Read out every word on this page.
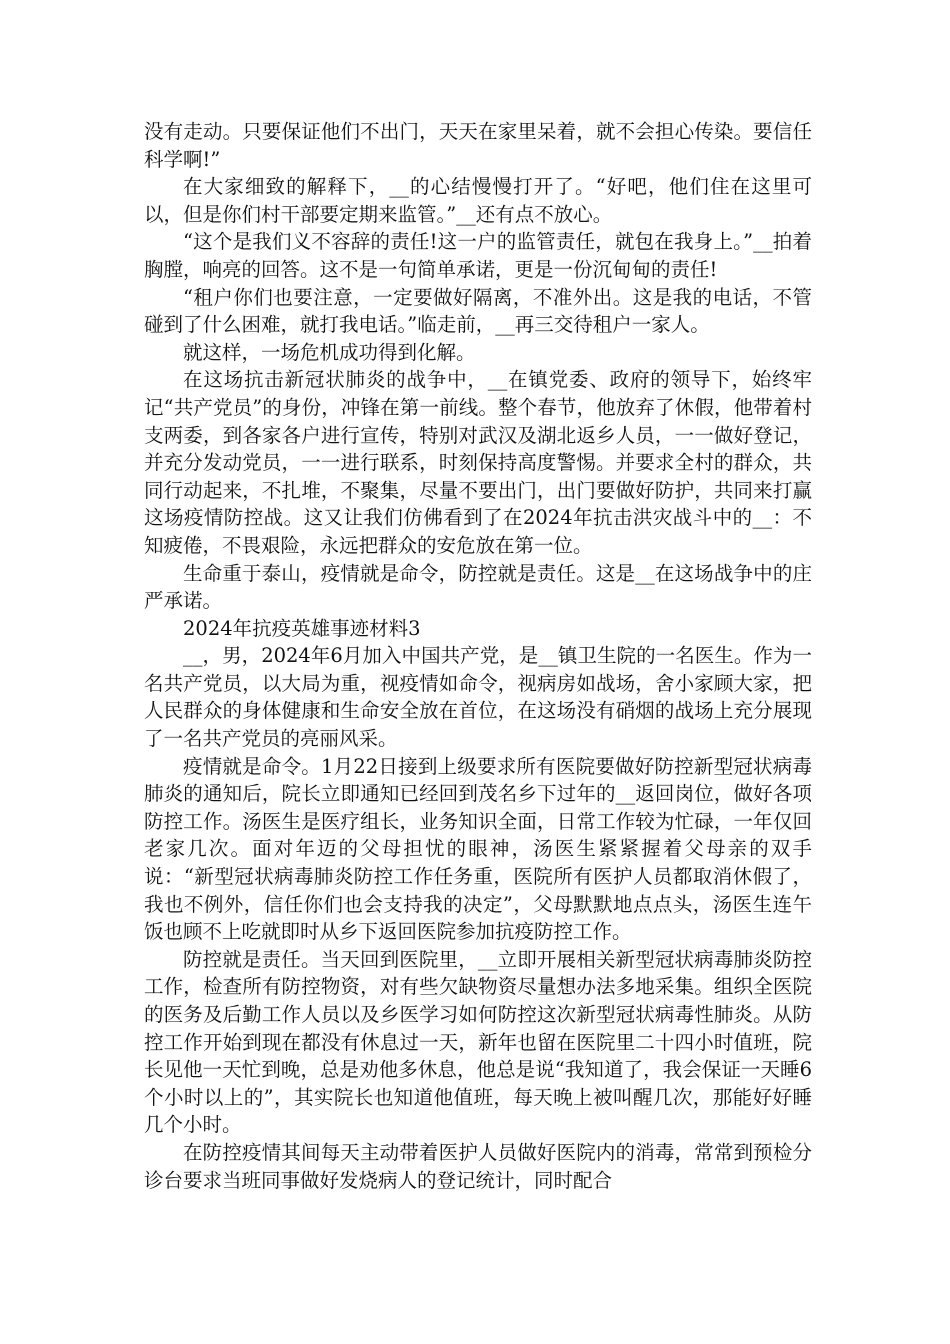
没有走动。只要保证他们不出门，天天在家里呆着，就不会担心传染。要信任科学啊!”

在大家细致的解释下，__的心结慢慢打开了。“好吧，他们住在这里可以，但是你们村干部要定期来监管。”__还有点不放心。

“这个是我们义不容辞的责任!这一户的监管责任，就包在我身上。”__拍着胸膛，响亮的回答。这不是一句简单承诺，更是一份沉甸甸的责任!

“租户你们也要注意，一定要做好隔离，不准外出。这是我的电话，不管碰到了什么困难，就打我电话。”临走前，__再三交待租户一家人。

就这样，一场危机成功得到化解。

在这场抗击新冠状肺炎的战争中，__在镇党委、政府的领导下，始终牢记“共产党员”的身份，冲锋在第一前线。整个春节，他放弃了休假，他带着村支两委，到各家各户进行宣传，特别对武汉及湖北返乡人员，一一做好登记，并充分发动党员，一一进行联系，时刻保持高度警惕。并要求全村的群众，共同行动起来，不扎堆，不聚集，尽量不要出门，出门要做好防护，共同来打赢这场疫情防控战。这又让我们仿佛看到了在2024年抗击洪灾战斗中的__：不知疲倦，不畏艰险，永远把群众的安危放在第一位。

生命重于泰山，疫情就是命令，防控就是责任。这是__在这场战争中的庄严承诺。

2024年抗疫英雄事迹材料3

__，男，2024年6月加入中国共产党，是__镇卫生院的一名医生。作为一名共产党员，以大局为重，视疫情如命令，视病房如战场，舍小家顾大家，把人民群众的身体健康和生命安全放在首位，在这场没有硝烟的战场上充分展现了一名共产党员的亮丽风采。

疫情就是命令。1月22日接到上级要求所有医院要做好防控新型冠状病毒肺炎的通知后，院长立即通知已经回到茂名乡下过年的__返回岗位，做好各项防控工作。汤医生是医疗组长，业务知识全面，日常工作较为忙碌，一年仅回老家几次。面对年迈的父母担忧的眼神，汤医生紧紧握着父母亲的双手说：“新型冠状病毒肺炎防控工作任务重，医院所有医护人员都取消休假了，我也不例外，信任你们也会支持我的决定”，父母默默地点点头，汤医生连午饭也顾不上吃就即时从乡下返回医院参加抗疫防控工作。

防控就是责任。当天回到医院里，__立即开展相关新型冠状病毒肺炎防控工作，检查所有防控物资，对有些欠缺物资尽量想办法多地采集。组织全医院的医务及后勤工作人员以及乡医学习如何防控这次新型冠状病毒性肺炎。从防控工作开始到现在都没有休息过一天，新年也留在医院里二十四小时值班，院长见他一天忙到晚，总是劝他多休息，他总是说“我知道了，我会保证一天睡6个小时以上的”，其实院长也知道他值班，每天晚上被叫醒几次，那能好好睡几个小时。

在防控疫情其间每天主动带着医护人员做好医院内的消毒，常常到预检分诊台要求当班同事做好发烧病人的登记统计，同时配合
